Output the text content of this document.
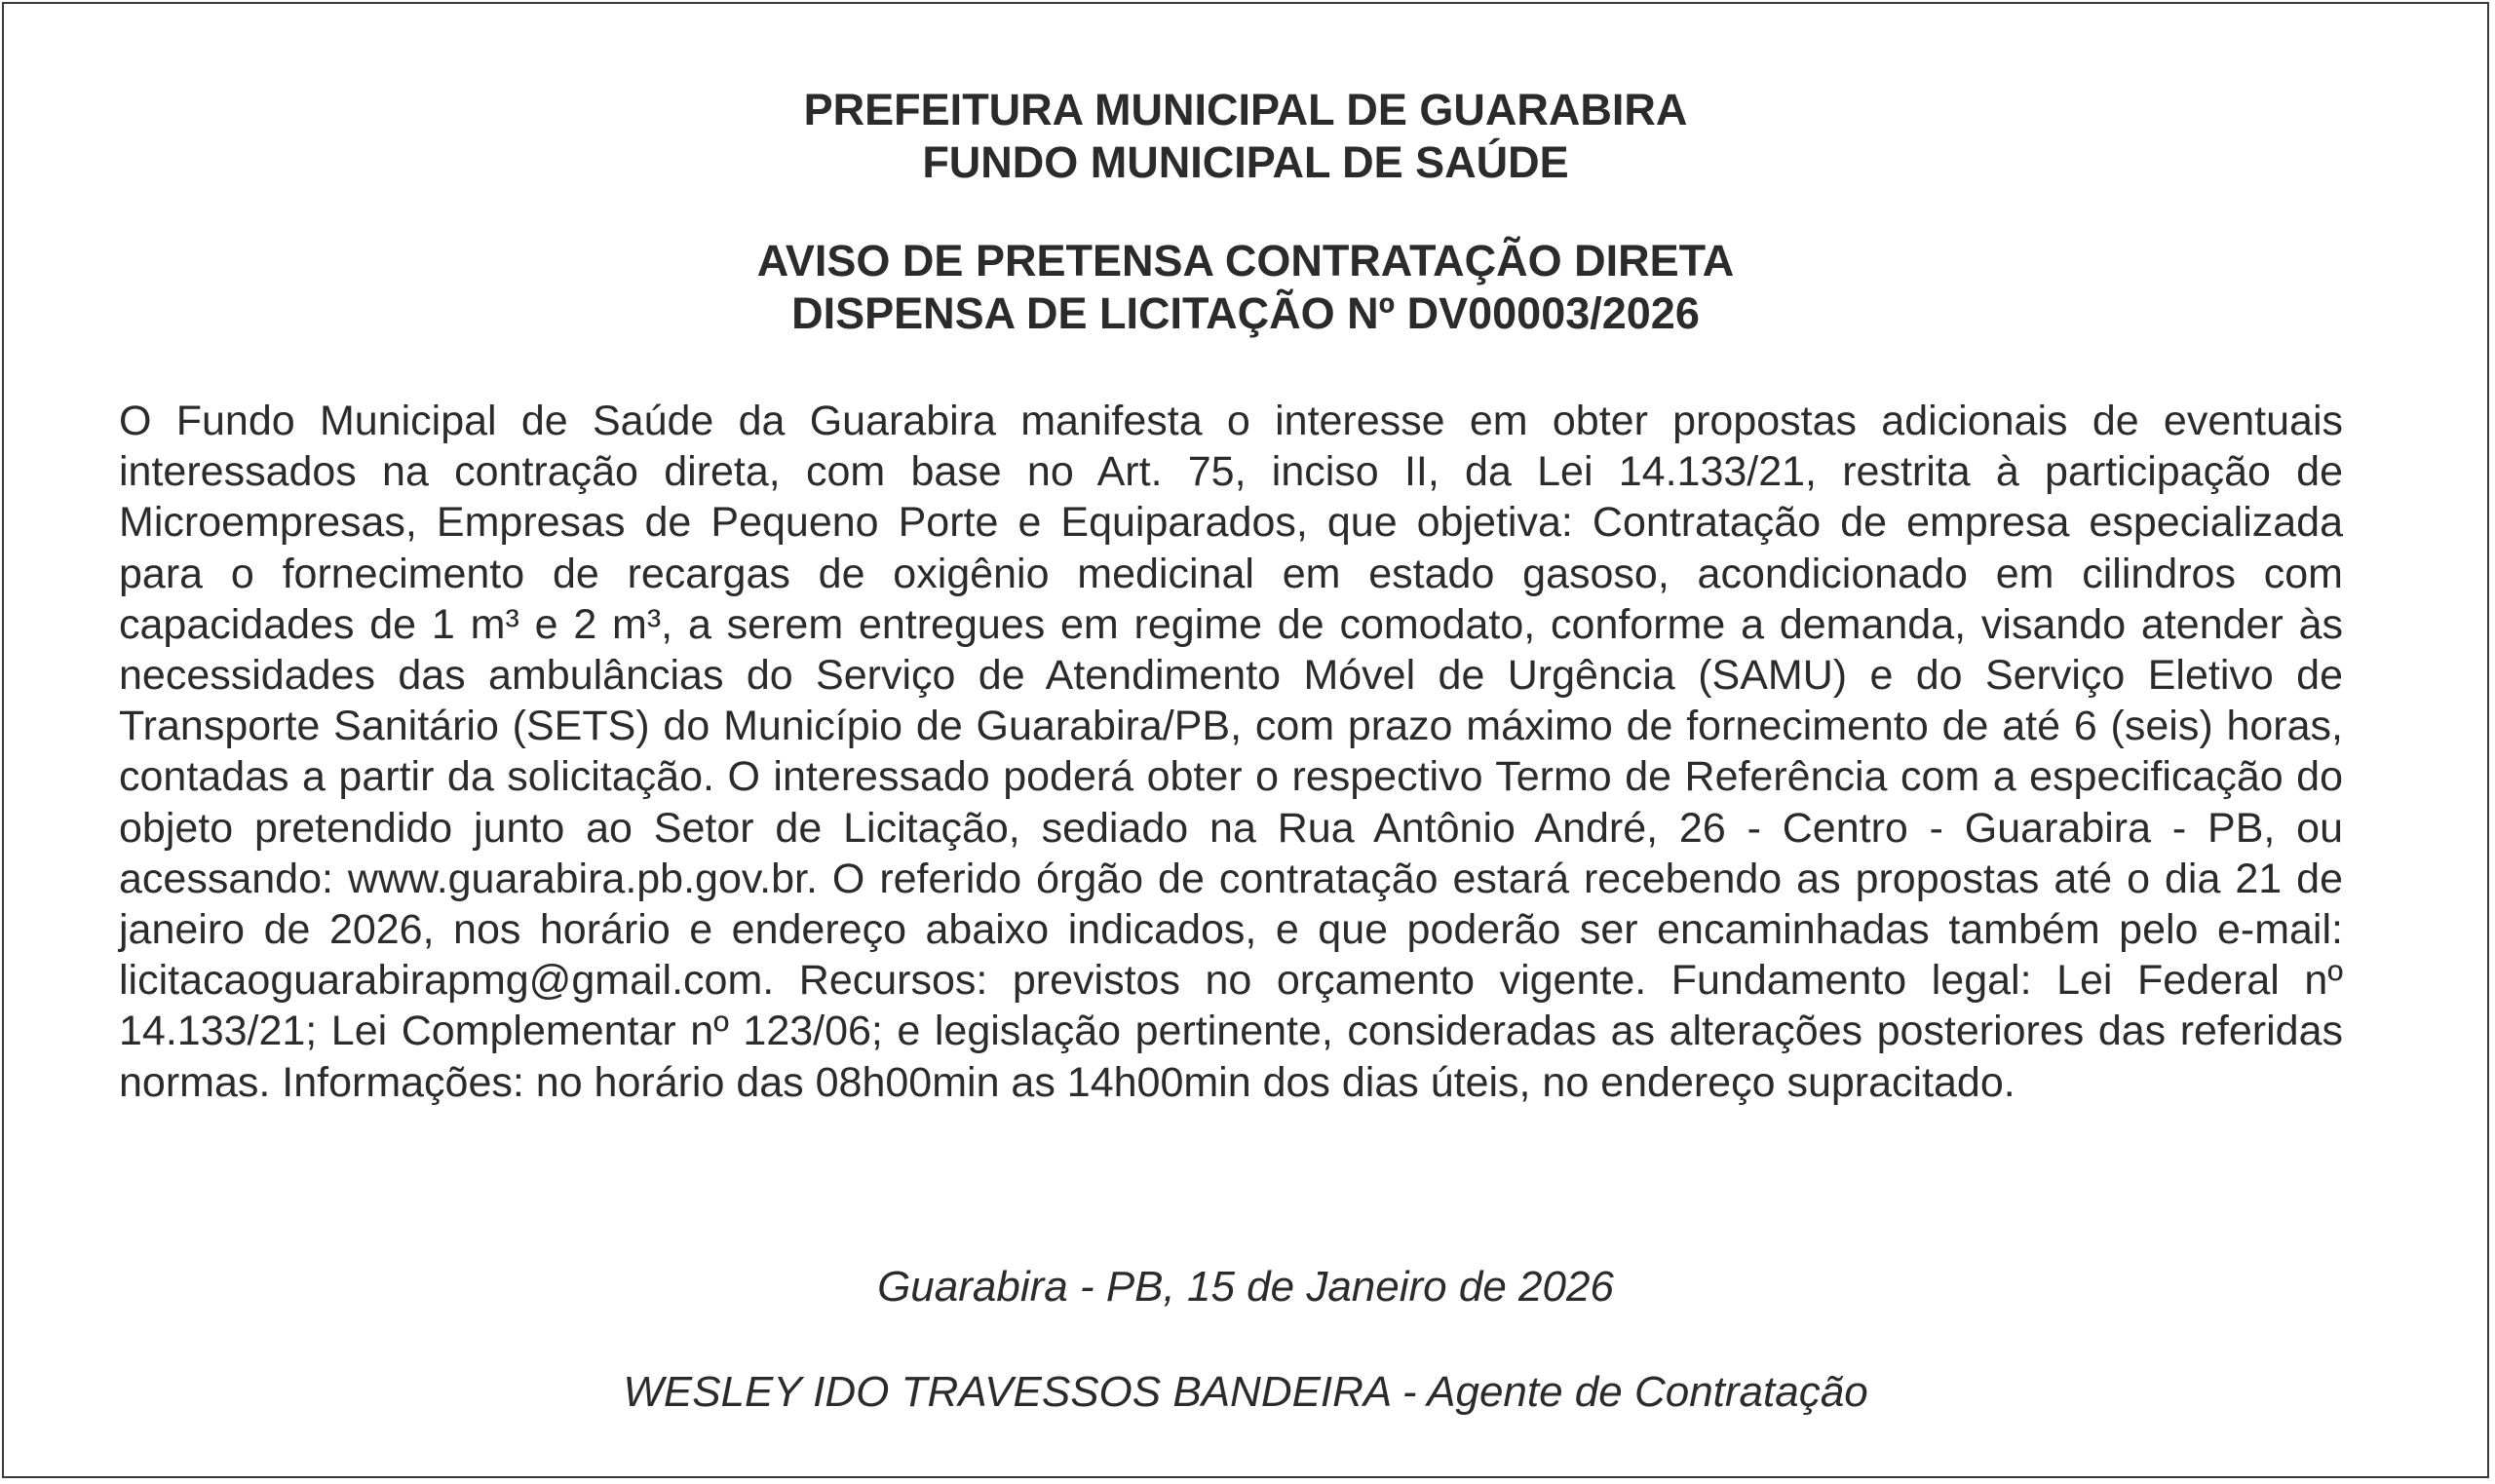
PREFEITURA MUNICIPAL DE GUARABIRA
FUNDO MUNICIPAL DE SAÚDE
AVISO DE PRETENSA CONTRATAÇÃO DIRETA
DISPENSA DE LICITAÇÃO Nº DV00003/2026

O Fundo Municipal de Saúde da Guarabira manifesta o interesse em obter propostas adicionais de eventuais interessados na contração direta, com base no Art. 75, inciso II, da Lei 14.133/21, restrita à participação de Microempresas, Empresas de Pequeno Porte e Equiparados, que objetiva: Contratação de empresa especializada para o fornecimento de recargas de oxigênio medicinal em estado gasoso, acondicionado em cilindros com capacidades de 1 m³ e 2 m³, a serem entregues em regime de comodato, conforme a demanda, visando atender às necessidades das ambulâncias do Serviço de Atendimento Móvel de Urgência (SAMU) e do Serviço Eletivo de Transporte Sanitário (SETS) do Município de Guarabira/PB, com prazo máximo de fornecimento de até 6 (seis) horas, contadas a partir da solicitação. O interessado poderá obter o respectivo Termo de Referência com a especificação do objeto pretendido junto ao Setor de Licitação, sediado na Rua Antônio André, 26 - Centro - Guarabira - PB, ou acessando: www.guarabira.pb.gov.br. O referido órgão de contratação estará recebendo as propostas até o dia 21 de janeiro de 2026, nos horário e endereço abaixo indicados, e que poderão ser encaminhadas também pelo e-mail: licitacaoguarabirapmg@gmail.com. Recursos: previstos no orçamento vigente. Fundamento legal: Lei Federal nº 14.133/21; Lei Complementar nº 123/06; e legislação pertinente, consideradas as alterações posteriores das referidas normas. Informações: no horário das 08h00min as 14h00min dos dias úteis, no endereço supracitado.

Guarabira - PB, 15 de Janeiro de 2026
WESLEY IDO TRAVESSOS BANDEIRA - Agente de Contratação
